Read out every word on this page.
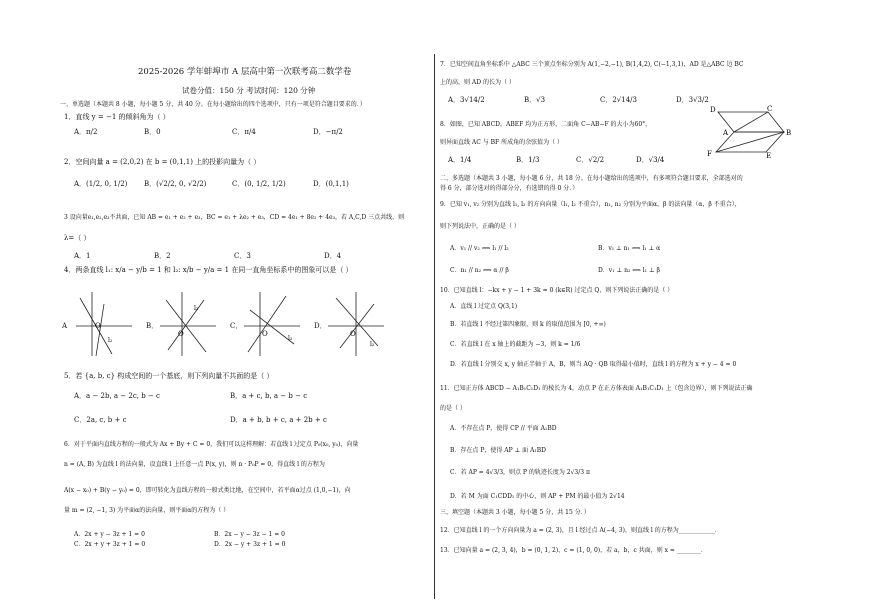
2025-2026 学年蚌埠市 A 层高中第一次联考高二数学卷
试卷分值：150 分 考试时间：120 分钟
一、单选题（本题共 8 小题，每小题 5 分，共 40 分。在每小题给出的四个选项中，只有一项是符合题目要求的．）
1．直线 y = −1 的倾斜角为（ ）
A．π/2	B．0	C．π/4	D．−π/2
2．空间向量 a = (2,0,2) 在 b = (0,1,1) 上的投影向量为（ ）
A．(1/2, 0, 1/2) B．(√2/2, 0, √2/2)	C．(0, 1/2, 1/2)	D．(0,1,1)
3 设向量e₁,e₂,e₃不共面，已知 AB = e₁ + e₂ + e₃，BC = e₁ + λe₂ + e₃，CD = 4e₁ + 8e₂ + 4e₃，若 A,C,D 三点共线，则
λ=（ ）
A．1	B．2	C．3	D．4
4．两条直线 l₁: x/a − y/b = 1 和 l₂: x/b − y/a = 1 在同一直角坐标系中的图象可以是（ ）
A	O
l₂
B．
O
l₂
C．
O
l₂
D．
O
l₂
5．若 {a, b, c} 构成空间的一个基底，则下列向量不共面的是（ ）
A．a − 2b, a − 2c, b − c	B．a + c, b, a − b − c
C．2a, c, b + c	D．a + b, b + c, a + 2b + c
6．对于平面内直线方程的一般式为 Ax + By + C = 0，我们可以这样理解：若直线 l 过定点 P₀(x₀, y₀)，向量
n = (A, B) 为直线 l 的法向量，设直线 l 上任意一点 P(x, y)，则 n · P₀P = 0，得直线 l 的方程为
A(x − x₀) + B(y − y₀) = 0，即可转化为直线方程的一般式类比地，在空间中，若平面α过点 (1,0,−1)，向
量 m = (2, −1, 3) 为平面α的法向量，则平面α的方程为（ ）
A．2x + y − 3z + 1 = 0	B．2x − y − 3z − 1 = 0
C．2x + y + 3z + 1 = 0	D．2x − y + 3z + 1 = 0
7．已知空间直角坐标系中 △ABC 三个顶点坐标分别为 A(1,−2,−1), B(1,4,2), C(−1,3,1)，AD 是△ABC 边 BC
上的高，则 AD 的长为（ ）
A．3√14/2	B．√3	C．2√14/3	D．3√3/2
8．如图，已知 ABCD，ABEF 均为正方形，二面角 C−AB−F 的大小为60°，
则异面直线 AC 与 BF 所成角的余弦值为（ ）
A．1/4	B．1/3	C．√2/2	D．√3/4
D	C
A	B
F	E
二、多选题（本题共 3 小题，每小题 6 分，共 18 分。在每小题给出的选项中，有多项符合题目要求，全部选对的
得 6 分，部分选对的得部分分，有选错的得 0 分．）
9．已知 v₁, v₂ 分别为直线 l₁, l₂ 的方向向量（l₁, l₂ 不重合），n₁, n₂ 分别为平面α，β 的法向量（α，β 不重合），
则下列说法中，正确的是（ ）
A．v₁ // v₂ ⟺ l₁ // l₂	B．v₁ ⊥ n₁ ⟺ l₁ ⊥ α
C．n₁ // n₂ ⟺ α // β	D．v₁ ⊥ n₂ ⟺ l₁ ⊥ β
10．已知直线 l：−kx + y − 1 + 3k = 0 (k∈R) 过定点 Q，则下列说法正确的是（ ）
A．直线 l 过定点 Q(3,1)
B．若直线 l 不经过第四象限，则 k 的取值范围为 [0, +∞)
C．若直线 l 在 x 轴上的截距为 −3，则 k = 1/6
D．若直线 l 分别交 x, y 轴正半轴于 A，B，则当 AQ · QB 取得最小值时，直线 l 的方程为 x + y − 4 = 0
11．已知正方体 ABCD − A₁B₁C₁D₁ 的棱长为 4，动点 P 在正方体表面 A₁B₁C₁D₁ 上（包含边界），则下列说法正确
的是（ ）
A．不存在点 P，使得 CP // 平面 A₁BD
B．存在点 P，使得 AP ⊥ 面 A₁BD
C．若 AP = 4√3/3，则点 P 的轨迹长度为 2√3/3 π
D．若 M 为面 C₁CDD₁ 的中心，则 AP + PM 的最小值为 2√14
三、填空题（本题共 3 小题，每小题 5 分，共 15 分．）
12．已知直线 l 的一个方向向量为 a = (2, 3)，且 l 经过点 A(−4, 3)，则直线 l 的方程为____________．
13．已知向量 a = (2, 3, 4)，b = (0, 1, 2)，c = (1, 0, 0)，若 a，b，c 共面，则 x = ________．
